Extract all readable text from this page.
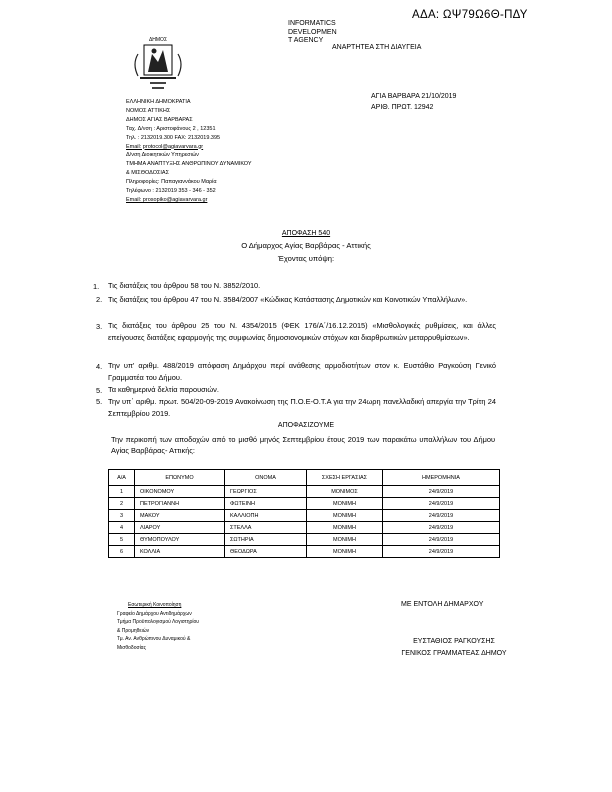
ΑΔΑ: ΩΨ79Ω6Θ-ΠΔΥ
INFORMATICS
DEVELOPMEN
T AGENCY
ΑΝΑΡΤΗΤΕΑ ΣΤΗ ΔΙΑΥΓΕΙΑ
ΔΗΜΟΣ
ΕΛΛΗΝΙΚΗ ΔΗΜΟΚΡΑΤΙΑ
ΝΟΜΟΣ ΑΤΤΙΚΗΣ
ΔΗΜΟΣ ΑΓΙΑΣ ΒΑΡΒΑΡΑΣ
Ταχ. Δ/νση : Αριστοφάνους 2 , 12351
Τηλ. : 2132019.300 FAX: 2132019.395
Email: protocol@agiavarvara.gr
Δ/νση Διοικητικών Υπηρεσιών
ΤΜΗΜΑ ΑΝΑΠΤΥΞΗΣ ΑΝΘΡΩΠΙΝΟΥ ΔΥΝΑΜΙΚΟΥ
& ΜΙΣΘΟΔΟΣΙΑΣ
Πληροφορίες: Παπαγιαννάκου Μαρία
Τηλέφωνο : 2132019 353 - 346 - 352
Email: prosopiko@agiavarvara.gr
ΑΓΙΑ ΒΑΡΒΑΡΑ 21/10/2019
ΑΡΙΘ. ΠΡΩΤ. 12942
ΑΠΟΦΑΣΗ 540
Ο Δήμαρχος Αγίας Βαρβάρας - Αττικής
Έχοντας υπόψη:
1. Τις διατάξεις του άρθρου 58 του Ν. 3852/2010.
2. Τις διατάξεις του άρθρου 47 του Ν. 3584/2007 «Κώδικας Κατάστασης Δημοτικών και Κοινοτικών Υπαλλήλων».
3. Τις διατάξεις του άρθρου 25 του Ν. 4354/2015 (ΦΕΚ 176/Α΄/16.12.2015) «Μισθολογικές ρυθμίσεις, και άλλες επείγουσες διατάξεις εφαρμογής της συμφωνίας δημοσιονομικών στόχων και διαρθρωτικών μεταρρυθμίσεων».
4. Την υπ' αριθμ. 488/2019 απόφαση Δημάρχου περί ανάθεσης αρμοδιοτήτων στον κ. Ευστάθιο Ραγκούση Γενικό Γραμματέα του Δήμου.
5. Τα καθημερινά δελτία παρουσιών.
5. Την υπ΄ αριθμ. πρωτ. 504/20-09-2019 Ανακοίνωση της Π.Ο.Ε-Ο.Τ.Α για την 24ωρη πανελλαδική απεργία την Τρίτη 24 Σεπτεμβρίου 2019.
ΑΠΟΦΑΣΙΖΟΥΜΕ
Την περικοπή των αποδοχών από το μισθό μηνός Σεπτεμβρίου έτους 2019 των παρακάτω υπαλλήλων του Δήμου Αγίας Βαρβάρας- Αττικής:
Α/Α	ΕΠΩΝΥΜΟ	ΟΝΟΜΑ	ΣΧΕΣΗ ΕΡΓΑΣΙΑΣ	ΗΜΕΡΟΜΗΝΙΑ
1	ΟΙΚΟΝΟΜΟΥ	ΓΕΩΡΓΙΟΣ	ΜΟΝΙΜΟΣ	24/9/2019
2	ΠΕΤΡΟΓΙΑΝΝΗ	ΦΩΤΕΙΝΗ	ΜΟΝΙΜΗ	24/9/2019
3	ΜΑΚΟΥ	ΚΑΛΛΙΟΠΗ	ΜΟΝΙΜΗ	24/9/2019
4	ΛΙΑΡΟΥ	ΣΤΕΛΛΑ	ΜΟΝΙΜΗ	24/9/2019
5	ΘΥΜΟΠΟΥΛΟΥ	ΣΩΤΗΡΙΑ	ΜΟΝΙΜΗ	24/9/2019
6	ΚΟΛΛΙΑ	ΘΕΟΔΩΡΑ	ΜΟΝΙΜΗ	24/9/2019
ΜΕ ΕΝΤΟΛΗ ΔΗΜΑΡΧΟΥ
ΕΥΣΤΑΘΙΟΣ ΡΑΓΚΟΥΣΗΣ
ΓΕΝΙΚΟΣ ΓΡΑΜΜΑΤΕΑΣ ΔΗΜΟΥ
Εσωτερική Κοινοποίηση
Γραφείο Δημάρχου Αντιδημάρχων
Τμήμα Προϋπολογισμού Λογιστηρίου
& Προμηθειών
Τμ. Αν. Ανθρώπινου Δυναμικού &
Μισθοδοσίας
